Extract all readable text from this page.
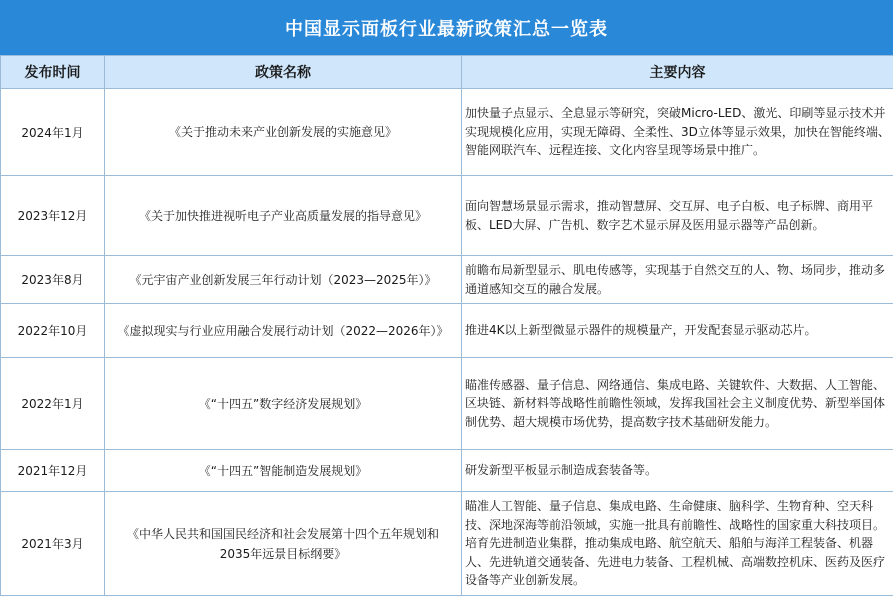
中国显示面板行业最新政策汇总一览表
发布时间	政策名称	主要内容
2024年1月	《关于推动未来产业创新发展的实施意见》	加快量子点显示、全息显示等研究，突破Micro-LED、激光、印刷等显示技术并实现规模化应用，实现无障碍、全柔性、3D立体等显示效果，加快在智能终端、智能网联汽车、远程连接、文化内容呈现等场景中推广。
2023年12月	《关于加快推进视听电子产业高质量发展的指导意见》	面向智慧场景显示需求，推动智慧屏、交互屏、电子白板、电子标牌、商用平板、LED大屏、广告机、数字艺术显示屏及医用显示器等产品创新。
2023年8月	《元宇宙产业创新发展三年行动计划（2023—2025年）》	前瞻布局新型显示、肌电传感等，实现基于自然交互的人、物、场同步，推动多通道感知交互的融合发展。
2022年10月	《虚拟现实与行业应用融合发展行动计划（2022—2026年）》	推进4K以上新型微显示器件的规模量产，开发配套显示驱动芯片。
2022年1月	《“十四五”数字经济发展规划》	瞄准传感器、量子信息、网络通信、集成电路、关键软件、大数据、人工智能、区块链、新材料等战略性前瞻性领域，发挥我国社会主义制度优势、新型举国体制优势、超大规模市场优势，提高数字技术基础研发能力。
2021年12月	《“十四五”智能制造发展规划》	研发新型平板显示制造成套装备等。
2021年3月	《中华人民共和国国民经济和社会发展第十四个五年规划和2035年远景目标纲要》	瞄准人工智能、量子信息、集成电路、生命健康、脑科学、生物育种、空天科技、深地深海等前沿领域，实施一批具有前瞻性、战略性的国家重大科技项目。培育先进制造业集群，推动集成电路、航空航天、船舶与海洋工程装备、机器人、先进轨道交通装备、先进电力装备、工程机械、高端数控机床、医药及医疗设备等产业创新发展。
